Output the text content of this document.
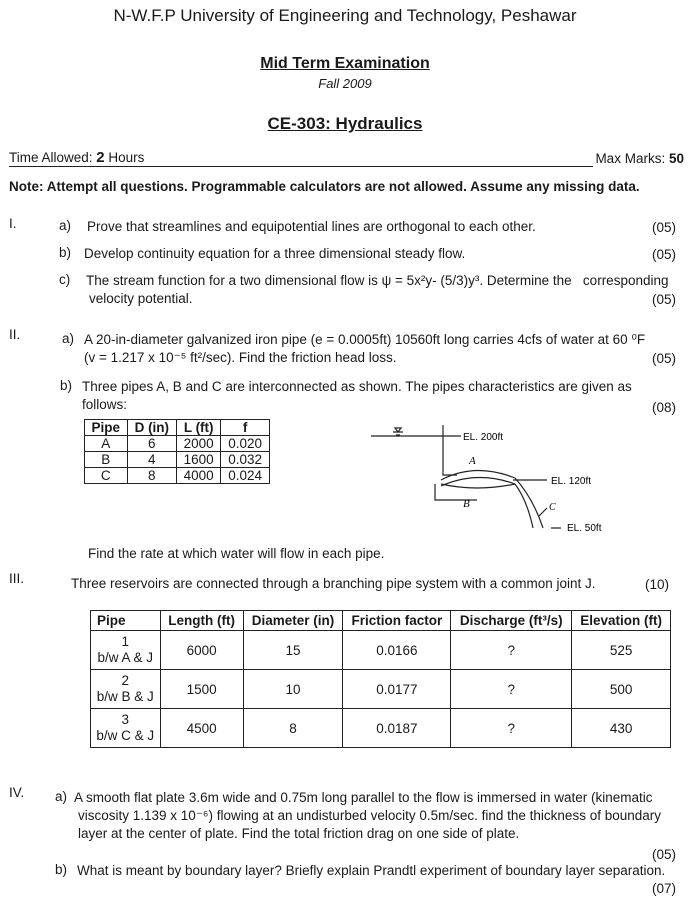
N-W.F.P University of Engineering and Technology, Peshawar
Mid Term Examination
Fall 2009
CE-303: Hydraulics
Time Allowed: 2 Hours	Max Marks: 50
Note: Attempt all questions. Programmable calculators are not allowed. Assume any missing data.
I.	a) Prove that streamlines and equipotential lines are orthogonal to each other.	(05)
b) Develop continuity equation for a three dimensional steady flow.	(05)
c) The stream function for a two dimensional flow is ψ = 5x²y- (5/3)y³. Determine the   corresponding
velocity potential.	(05)
II.	a) A 20-in-diameter galvanized iron pipe (e = 0.0005ft) 10560ft long carries 4cfs of water at 60 ⁰F
(v = 1.217 x 10⁻⁵ ft²/sec). Find the friction head loss.	(05)
b) Three pipes A, B and C are interconnected as shown. The pipes characteristics are given as
follows:	(08)
Pipe	D (in)	L (ft)	f
A	6	2000	0.020
B	4	1600	0.032
C	8	4000	0.024
EL. 200ft
EL. 120ft
EL. 50ft
A
B	C
Find the rate at which water will flow in each pipe.
III.	Three reservoirs are connected through a branching pipe system with a common joint J.	(10)
Pipe	Length (ft)	Diameter (in)	Friction factor	Discharge (ft³/s)	Elevation (ft)

1
b/w A & J	6000	15	0.0166	?	525

2
b/w B & J	1500	10	0.0177	?	500

3
b/w C & J	4500	8	0.0187	?	430
IV. a) A smooth flat plate 3.6m wide and 0.75m long parallel to the flow is immersed in water (kinematic
viscosity 1.139 x 10⁻⁶) flowing at an undisturbed velocity 0.5m/sec. find the thickness of boundary
layer at the center of plate. Find the total friction drag on one side of plate.
(05)
b) What is meant by boundary layer? Briefly explain Prandtl experiment of boundary layer separation.
(07)
